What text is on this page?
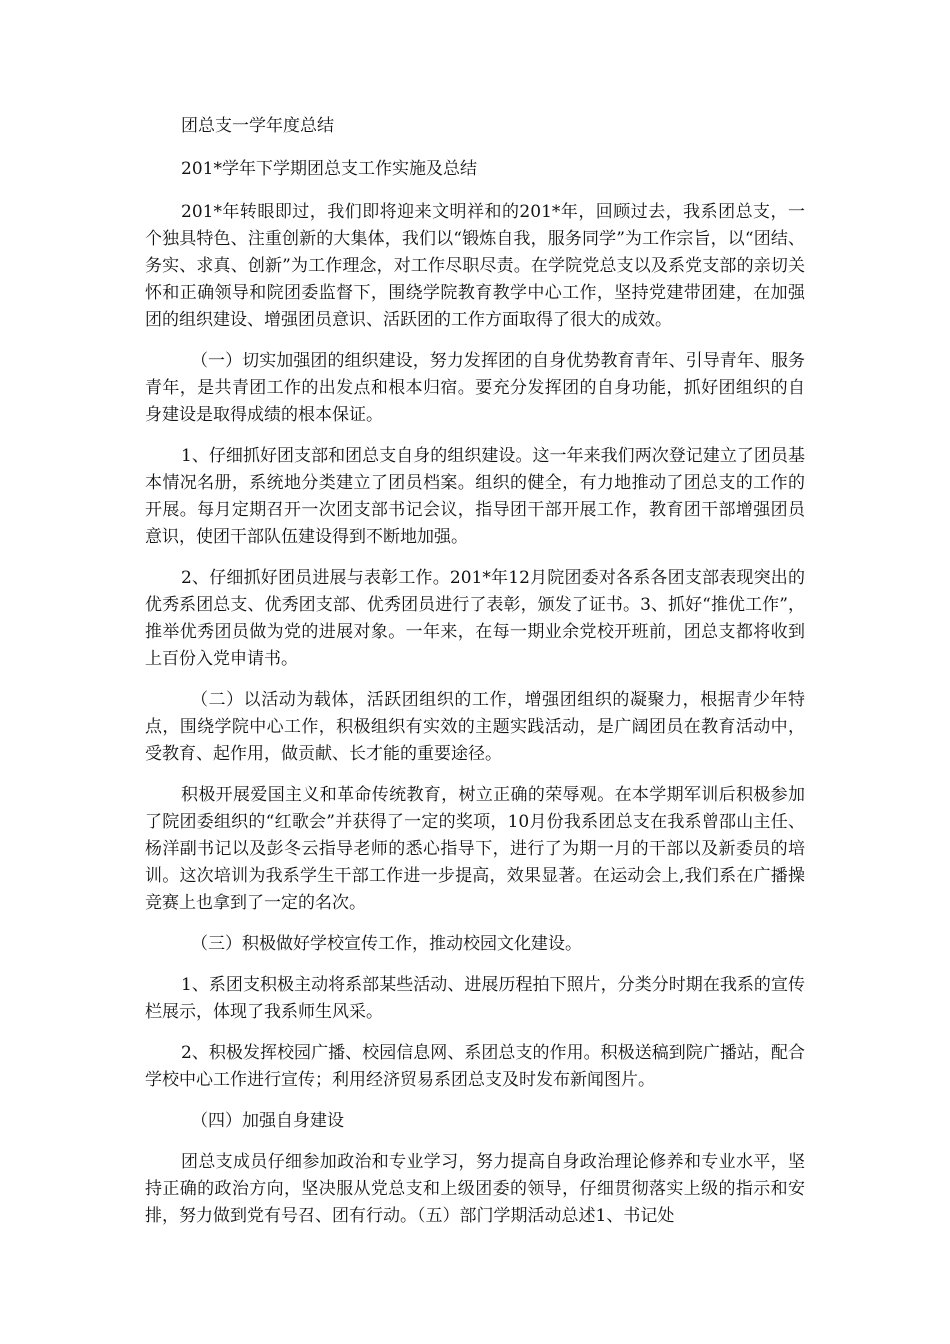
团总支一学年度总结

201*学年下学期团总支工作实施及总结

201*年转眼即过，我们即将迎来文明祥和的201*年，回顾过去，我系团总支，一个独具特色、注重创新的大集体，我们以“锻炼自我，服务同学”为工作宗旨，以“团结、务实、求真、创新”为工作理念，对工作尽职尽责。在学院党总支以及系党支部的亲切关怀和正确领导和院团委监督下，围绕学院教育教学中心工作，坚持党建带团建，在加强团的组织建设、增强团员意识、活跃团的工作方面取得了很大的成效。

（一）切实加强团的组织建设，努力发挥团的自身优势教育青年、引导青年、服务青年，是共青团工作的出发点和根本归宿。要充分发挥团的自身功能，抓好团组织的自身建设是取得成绩的根本保证。

1、仔细抓好团支部和团总支自身的组织建设。这一年来我们两次登记建立了团员基本情况名册，系统地分类建立了团员档案。组织的健全，有力地推动了团总支的工作的开展。每月定期召开一次团支部书记会议，指导团干部开展工作，教育团干部增强团员意识，使团干部队伍建设得到不断地加强。

2、仔细抓好团员进展与表彰工作。201*年12月院团委对各系各团支部表现突出的优秀系团总支、优秀团支部、优秀团员进行了表彰，颁发了证书。3、抓好“推优工作”，推举优秀团员做为党的进展对象。一年来，在每一期业余党校开班前，团总支都将收到上百份入党申请书。

（二）以活动为载体，活跃团组织的工作，增强团组织的凝聚力，根据青少年特点，围绕学院中心工作，积极组织有实效的主题实践活动，是广阔团员在教育活动中，受教育、起作用，做贡献、长才能的重要途径。

积极开展爱国主义和革命传统教育，树立正确的荣辱观。在本学期军训后积极参加了院团委组织的“红歌会”并获得了一定的奖项，10月份我系团总支在我系曾邵山主任、杨洋副书记以及彭冬云指导老师的悉心指导下，进行了为期一月的干部以及新委员的培训。这次培训为我系学生干部工作进一步提高，效果显著。在运动会上,我们系在广播操竞赛上也拿到了一定的名次。

（三）积极做好学校宣传工作，推动校园文化建设。

1、系团支积极主动将系部某些活动、进展历程拍下照片，分类分时期在我系的宣传栏展示，体现了我系师生风采。

2、积极发挥校园广播、校园信息网、系团总支的作用。积极送稿到院广播站，配合学校中心工作进行宣传；利用经济贸易系团总支及时发布新闻图片。

（四）加强自身建设

团总支成员仔细参加政治和专业学习，努力提高自身政治理论修养和专业水平，坚持正确的政治方向，坚决服从党总支和上级团委的领导，仔细贯彻落实上级的指示和安排，努力做到党有号召、团有行动。（五）部门学期活动总述1、书记处
